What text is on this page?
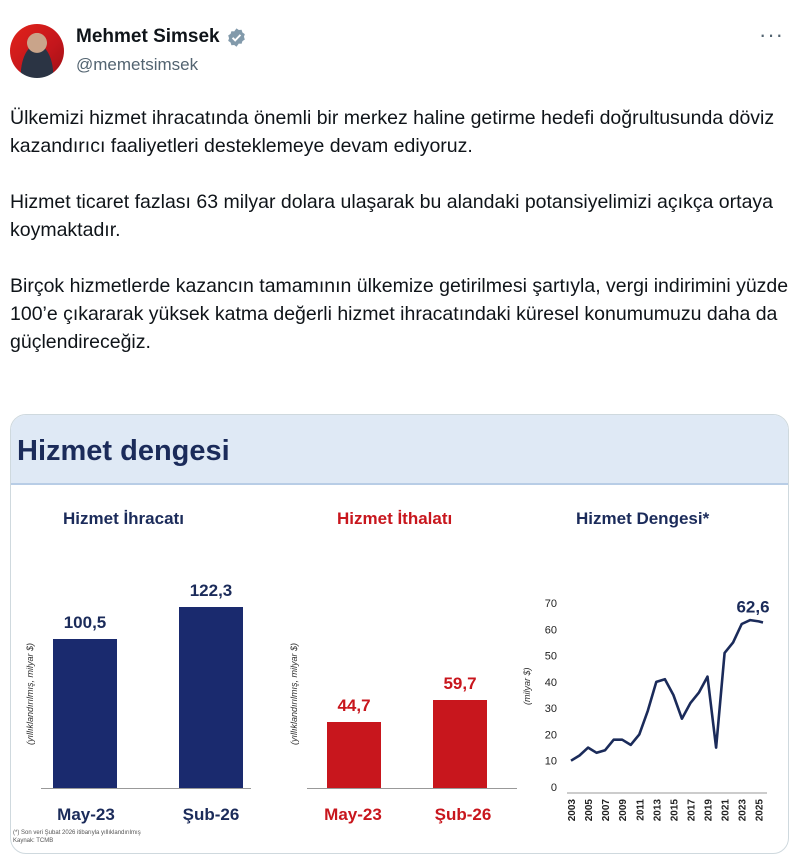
Mehmet Simsek
@memetsimsek
···

Ülkemizi hizmet ihracatında önemli bir merkez haline getirme hedefi doğrultusunda döviz kazandırıcı faaliyetleri desteklemeye devam ediyoruz.

Hizmet ticaret fazlası 63 milyar dolara ulaşarak bu alandaki potansiyelimizi açıkça ortaya koymaktadır.

Birçok hizmetlerde kazancın tamamının ülkemize getirilmesi şartıyla, vergi indirimini yüzde 100’e çıkararak yüksek katma değerli hizmet ihracatındaki küresel konumumuzu daha da güçlendireceğiz.

Hizmet dengesi
Hizmet İhracatı
(yıllıklandırılmış, milyar $)
May-23	Şub-26
Hizmet İthalatı
(yıllıklandırılmış, milyar $)
May-23	Şub-26
Hizmet Dengesi*
(milyar $)
0
10
20
30
40
50
60
70
2003 2005 2007 2009 2011 2013 2015 2017 2019 2021 2023 2025
62,6
(*) Son veri Şubat 2026 itibarıyla yıllıklandırılmış
Kaynak: TCMB
100,5
122,3
44,7
59,7
